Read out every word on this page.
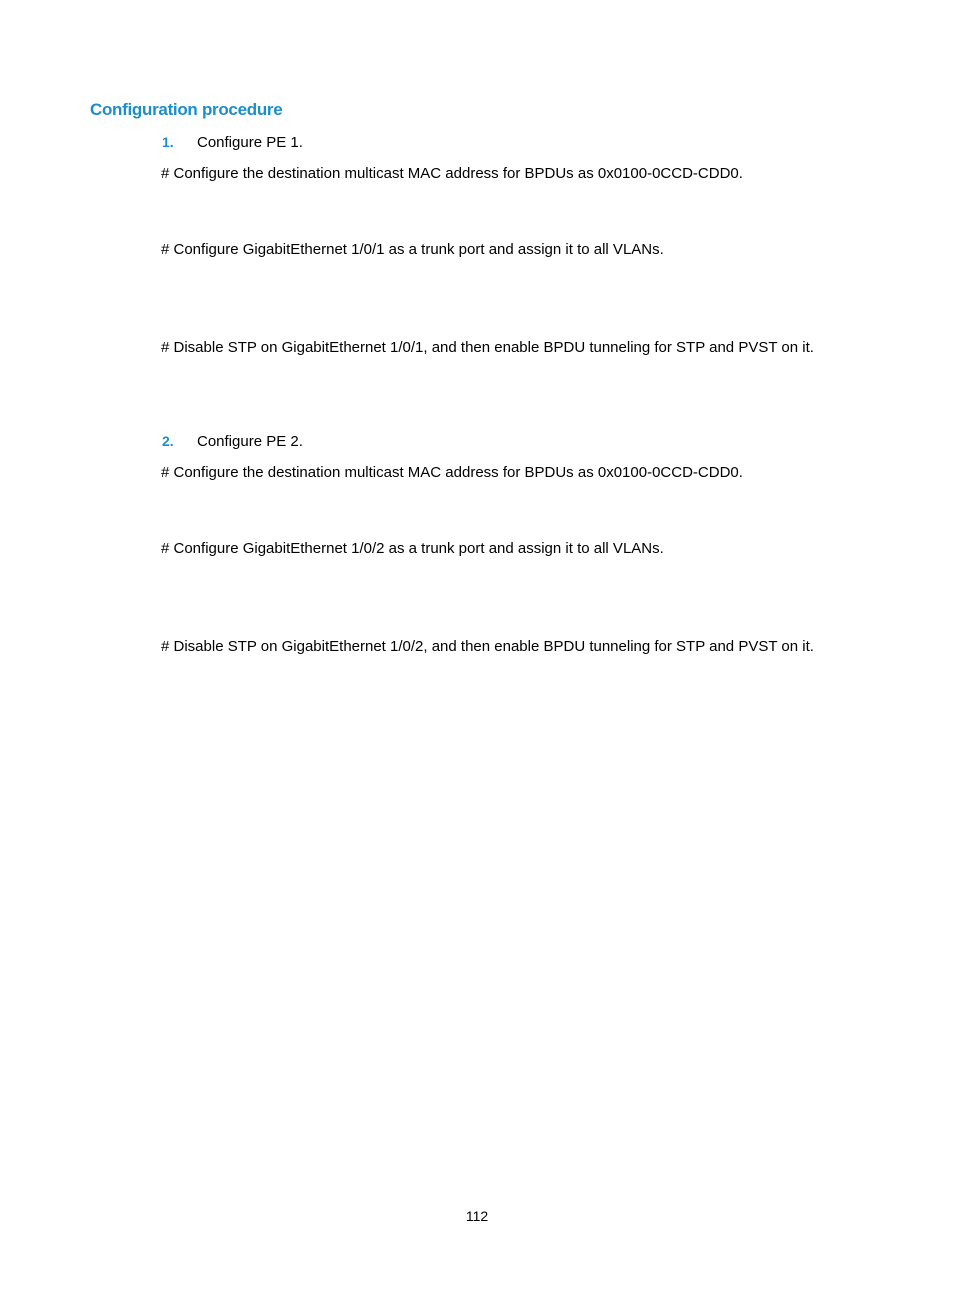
Configuration procedure
1. Configure PE 1.
# Configure the destination multicast MAC address for BPDUs as 0x0100-0CCD-CDD0.
# Configure GigabitEthernet 1/0/1 as a trunk port and assign it to all VLANs.
# Disable STP on GigabitEthernet 1/0/1, and then enable BPDU tunneling for STP and PVST on it.
2. Configure PE 2.
# Configure the destination multicast MAC address for BPDUs as 0x0100-0CCD-CDD0.
# Configure GigabitEthernet 1/0/2 as a trunk port and assign it to all VLANs.
# Disable STP on GigabitEthernet 1/0/2, and then enable BPDU tunneling for STP and PVST on it.
112
